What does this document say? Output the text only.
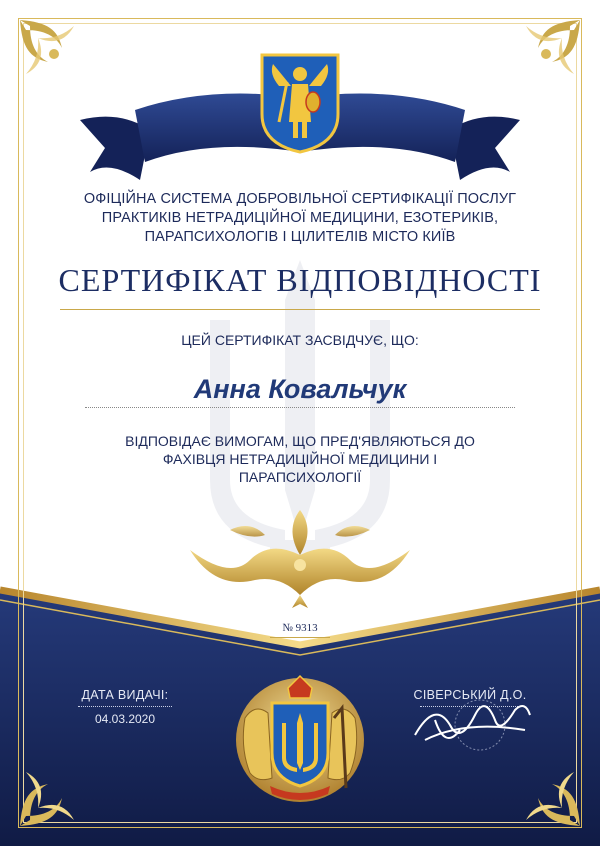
ОФІЦІЙНА СИСТЕМА ДОБРОВІЛЬНОЇ СЕРТИФІКАЦІЇ ПОСЛУГ
ПРАКТИКІВ НЕТРАДИЦІЙНОЇ МЕДИЦИНИ, ЕЗОТЕРИКІВ,
ПАРАПСИХОЛОГІВ І ЦІЛИТЕЛІВ МІСТО КИЇВ
СЕРТИФІКАТ ВІДПОВІДНОСТІ
ЦЕЙ СЕРТИФІКАТ ЗАСВІДЧУЄ, ЩО:
Анна Ковальчук
ВІДПОВІДАЄ ВИМОГАМ, ЩО ПРЕД'ЯВЛЯЮТЬСЯ ДО
ФАХІВЦЯ НЕТРАДИЦІЙНОЇ МЕДИЦИНИ І
ПАРАПСИХОЛОГІЇ
№ 9313
ДАТА ВИДАЧІ:
04.03.2020
СІВЕРСЬКИЙ Д.О.
